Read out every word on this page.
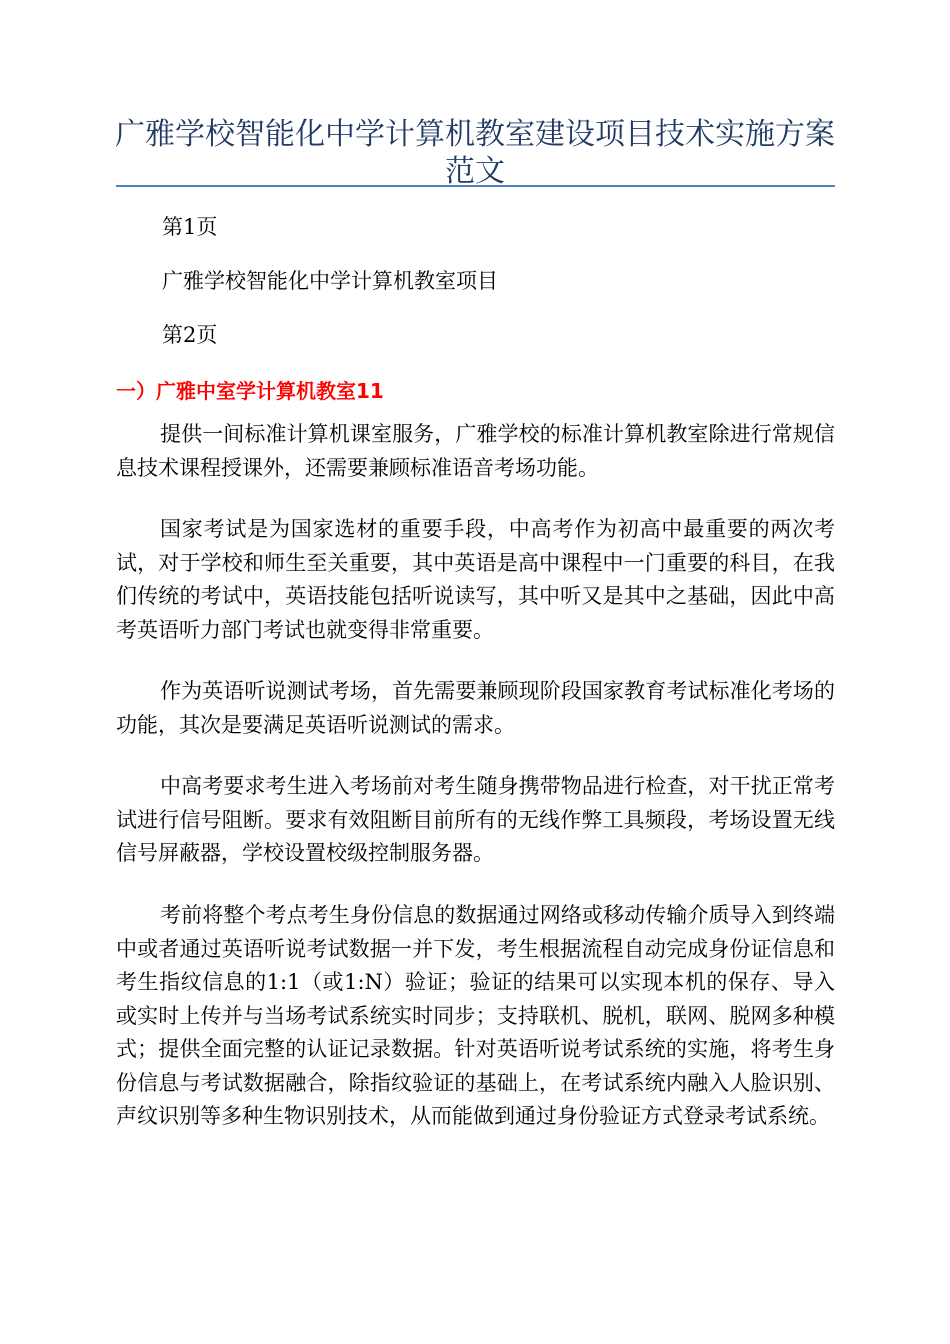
广雅学校智能化中学计算机教室建设项目技术实施方案范文
第1页
广雅学校智能化中学计算机教室项目
第2页
一）广雅中室学计算机教室11

提供一间标准计算机课室服务，广雅学校的标准计算机教室除进行常规信息技术课程授课外，还需要兼顾标准语音考场功能。

国家考试是为国家选材的重要手段，中高考作为初高中最重要的两次考试，对于学校和师生至关重要，其中英语是高中课程中一门重要的科目，在我们传统的考试中，英语技能包括听说读写，其中听又是其中之基础，因此中高考英语听力部门考试也就变得非常重要。

作为英语听说测试考场，首先需要兼顾现阶段国家教育考试标准化考场的功能，其次是要满足英语听说测试的需求。

中高考要求考生进入考场前对考生随身携带物品进行检查，对干扰正常考试进行信号阻断。要求有效阻断目前所有的无线作弊工具频段，考场设置无线信号屏蔽器，学校设置校级控制服务器。

考前将整个考点考生身份信息的数据通过网络或移动传输介质导入到终端中或者通过英语听说考试数据一并下发，考生根据流程自动完成身份证信息和考生指纹信息的1:1（或1:N）验证；验证的结果可以实现本机的保存、导入或实时上传并与当场考试系统实时同步；支持联机、脱机，联网、脱网多种模式；提供全面完整的认证记录数据。针对英语听说考试系统的实施，将考生身份信息与考试数据融合，除指纹验证的基础上，在考试系统内融入人脸识别、声纹识别等多种生物识别技术，从而能做到通过身份验证方式登录考试系统。
